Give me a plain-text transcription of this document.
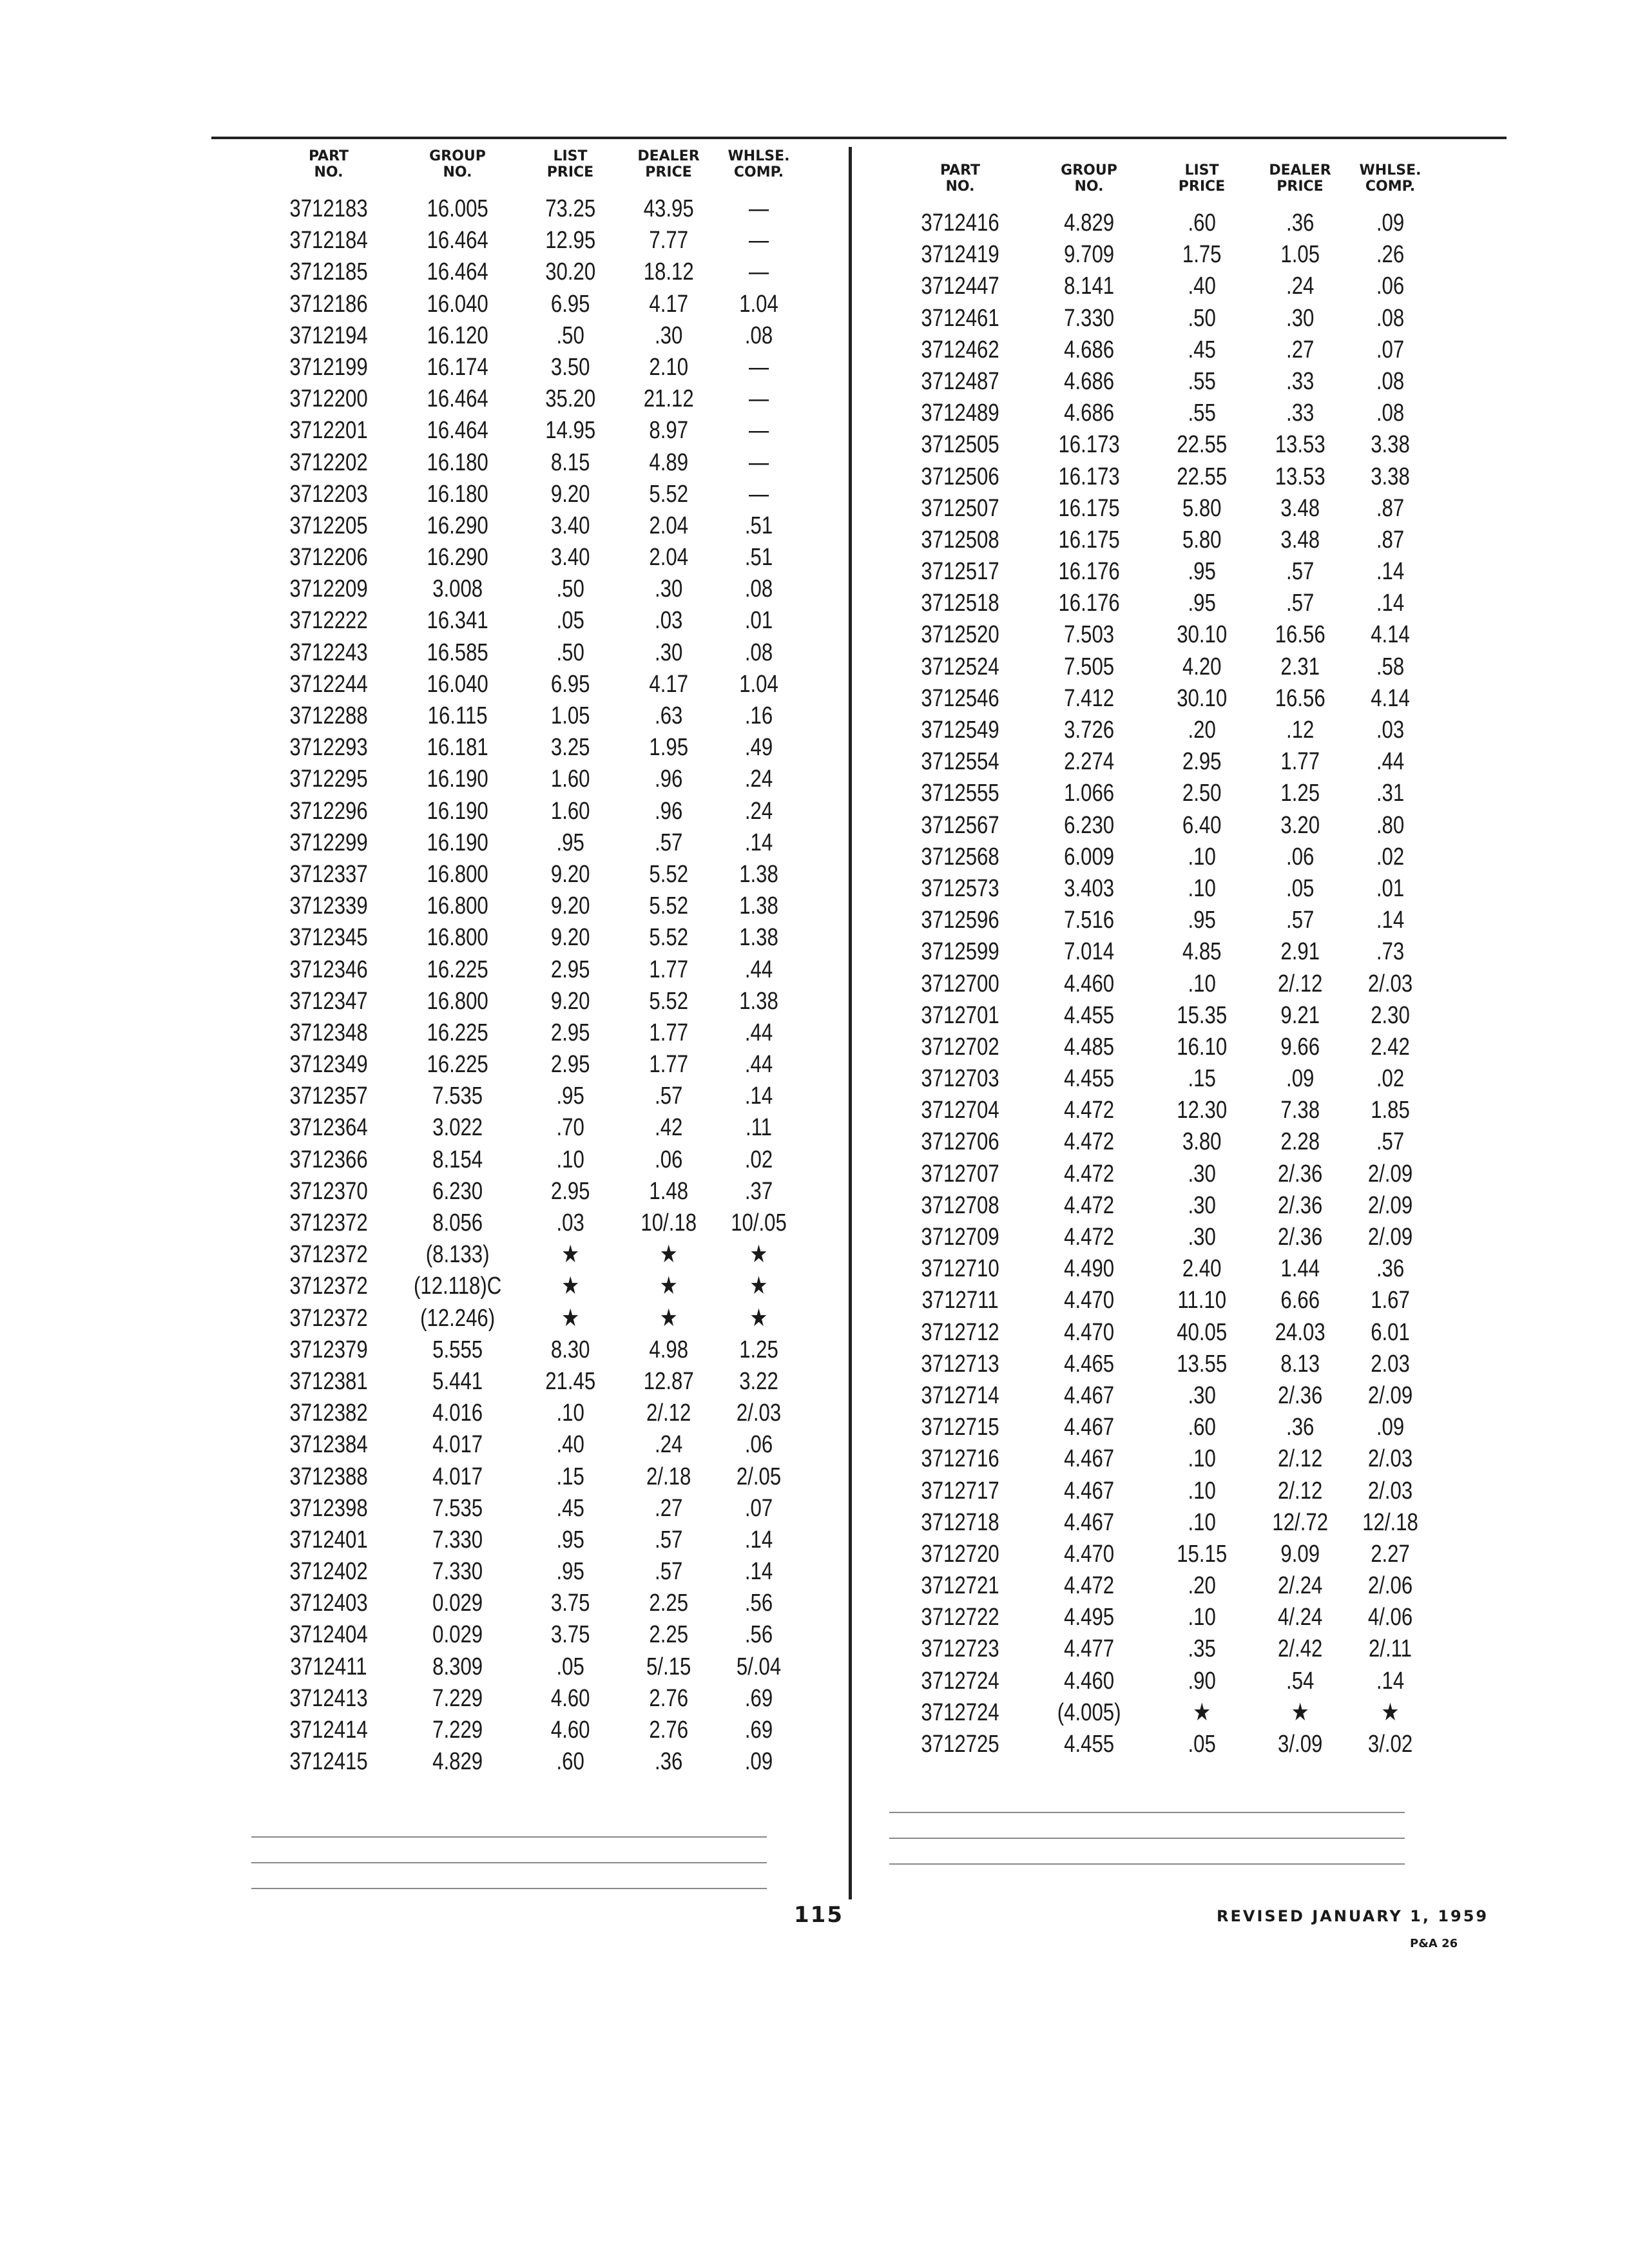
PART
NO.
GROUP
NO.
LIST
PRICE
DEALER
PRICE
WHLSE.
COMP.
3712183	16.005	73.25	43.95	—
3712184	16.464	12.95	7.77	—
3712185	16.464	30.20	18.12	—
3712186	16.040	6.95	4.17	1.04
3712194	16.120	.50	.30	.08
3712199	16.174	3.50	2.10	—
3712200	16.464	35.20	21.12	—
3712201	16.464	14.95	8.97	—
3712202	16.180	8.15	4.89	—
3712203	16.180	9.20	5.52	—
3712205	16.290	3.40	2.04	.51
3712206	16.290	3.40	2.04	.51
3712209	3.008	.50	.30	.08
3712222	16.341	.05	.03	.01
3712243	16.585	.50	.30	.08
3712244	16.040	6.95	4.17	1.04
3712288	16.115	1.05	.63	.16
3712293	16.181	3.25	1.95	.49
3712295	16.190	1.60	.96	.24
3712296	16.190	1.60	.96	.24
3712299	16.190	.95	.57	.14
3712337	16.800	9.20	5.52	1.38
3712339	16.800	9.20	5.52	1.38
3712345	16.800	9.20	5.52	1.38
3712346	16.225	2.95	1.77	.44
3712347	16.800	9.20	5.52	1.38
3712348	16.225	2.95	1.77	.44
3712349	16.225	2.95	1.77	.44
3712357	7.535	.95	.57	.14
3712364	3.022	.70	.42	.11
3712366	8.154	.10	.06	.02
3712370	6.230	2.95	1.48	.37
3712372	8.056	.03	10/.18	10/.05
3712372	(8.133)	★	★	★
3712372	(12.118)C	★	★	★
3712372	(12.246)	★	★	★
3712379	5.555	8.30	4.98	1.25
3712381	5.441	21.45	12.87	3.22
3712382	4.016	.10	2/.12	2/.03
3712384	4.017	.40	.24	.06
3712388	4.017	.15	2/.18	2/.05
3712398	7.535	.45	.27	.07
3712401	7.330	.95	.57	.14
3712402	7.330	.95	.57	.14
3712403	0.029	3.75	2.25	.56
3712404	0.029	3.75	2.25	.56
3712411	8.309	.05	5/.15	5/.04
3712413	7.229	4.60	2.76	.69
3712414	7.229	4.60	2.76	.69
3712415	4.829	.60	.36	.09
PART
NO.
GROUP
NO.
LIST
PRICE
DEALER
PRICE
WHLSE.
COMP.
3712416	4.829	.60	.36	.09
3712419	9.709	1.75	1.05	.26
3712447	8.141	.40	.24	.06
3712461	7.330	.50	.30	.08
3712462	4.686	.45	.27	.07
3712487	4.686	.55	.33	.08
3712489	4.686	.55	.33	.08
3712505	16.173	22.55	13.53	3.38
3712506	16.173	22.55	13.53	3.38
3712507	16.175	5.80	3.48	.87
3712508	16.175	5.80	3.48	.87
3712517	16.176	.95	.57	.14
3712518	16.176	.95	.57	.14
3712520	7.503	30.10	16.56	4.14
3712524	7.505	4.20	2.31	.58
3712546	7.412	30.10	16.56	4.14
3712549	3.726	.20	.12	.03
3712554	2.274	2.95	1.77	.44
3712555	1.066	2.50	1.25	.31
3712567	6.230	6.40	3.20	.80
3712568	6.009	.10	.06	.02
3712573	3.403	.10	.05	.01
3712596	7.516	.95	.57	.14
3712599	7.014	4.85	2.91	.73
3712700	4.460	.10	2/.12	2/.03
3712701	4.455	15.35	9.21	2.30
3712702	4.485	16.10	9.66	2.42
3712703	4.455	.15	.09	.02
3712704	4.472	12.30	7.38	1.85
3712706	4.472	3.80	2.28	.57
3712707	4.472	.30	2/.36	2/.09
3712708	4.472	.30	2/.36	2/.09
3712709	4.472	.30	2/.36	2/.09
3712710	4.490	2.40	1.44	.36
3712711	4.470	11.10	6.66	1.67
3712712	4.470	40.05	24.03	6.01
3712713	4.465	13.55	8.13	2.03
3712714	4.467	.30	2/.36	2/.09
3712715	4.467	.60	.36	.09
3712716	4.467	.10	2/.12	2/.03
3712717	4.467	.10	2/.12	2/.03
3712718	4.467	.10	12/.72	12/.18
3712720	4.470	15.15	9.09	2.27
3712721	4.472	.20	2/.24	2/.06
3712722	4.495	.10	4/.24	4/.06
3712723	4.477	.35	2/.42	2/.11
3712724	4.460	.90	.54	.14
3712724	(4.005)	★	★	★
3712725	4.455	.05	3/.09	3/.02
115	REVISED JANUARY 1, 1959
P&A 26
